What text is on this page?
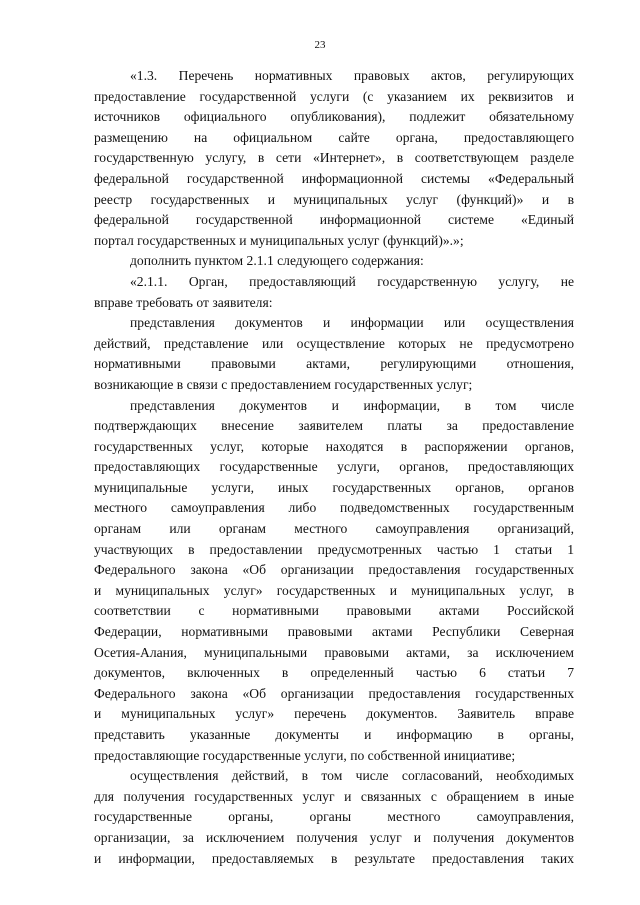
23
«1.3. Перечень нормативных правовых актов, регулирующих
предоставление государственной услуги (с указанием их реквизитов и
источников официального опубликования), подлежит обязательному
размещению на официальном сайте органа, предоставляющего
государственную услугу, в сети «Интернет», в соответствующем разделе
федеральной государственной информационной системы «Федеральный
реестр государственных и муниципальных услуг (функций)» и в
федеральной государственной информационной системе «Единый
портал государственных и муниципальных услуг (функций)».»;
дополнить пунктом 2.1.1 следующего содержания:
«2.1.1. Орган, предоставляющий государственную услугу, не
вправе требовать от заявителя:
представления документов и информации или осуществления
действий, представление или осуществление которых не предусмотрено
нормативными правовыми актами, регулирующими отношения,
возникающие в связи с предоставлением государственных услуг;
представления документов и информации, в том числе
подтверждающих внесение заявителем платы за предоставление
государственных услуг, которые находятся в распоряжении органов,
предоставляющих государственные услуги, органов, предоставляющих
муниципальные услуги, иных государственных органов, органов
местного самоуправления либо подведомственных государственным
органам или органам местного самоуправления организаций,
участвующих в предоставлении предусмотренных частью 1 статьи 1
Федерального закона «Об организации предоставления государственных
и муниципальных услуг» государственных и муниципальных услуг, в
соответствии с нормативными правовыми актами Российской
Федерации, нормативными правовыми актами Республики Северная
Осетия-Алания, муниципальными правовыми актами, за исключением
документов, включенных в определенный частью 6 статьи 7
Федерального закона «Об организации предоставления государственных
и муниципальных услуг» перечень документов. Заявитель вправе
представить указанные документы и информацию в органы,
предоставляющие государственные услуги, по собственной инициативе;
осуществления действий, в том числе согласований, необходимых
для получения государственных услуг и связанных с обращением в иные
государственные органы, органы местного самоуправления,
организации, за исключением получения услуг и получения документов
и информации, предоставляемых в результате предоставления таких
